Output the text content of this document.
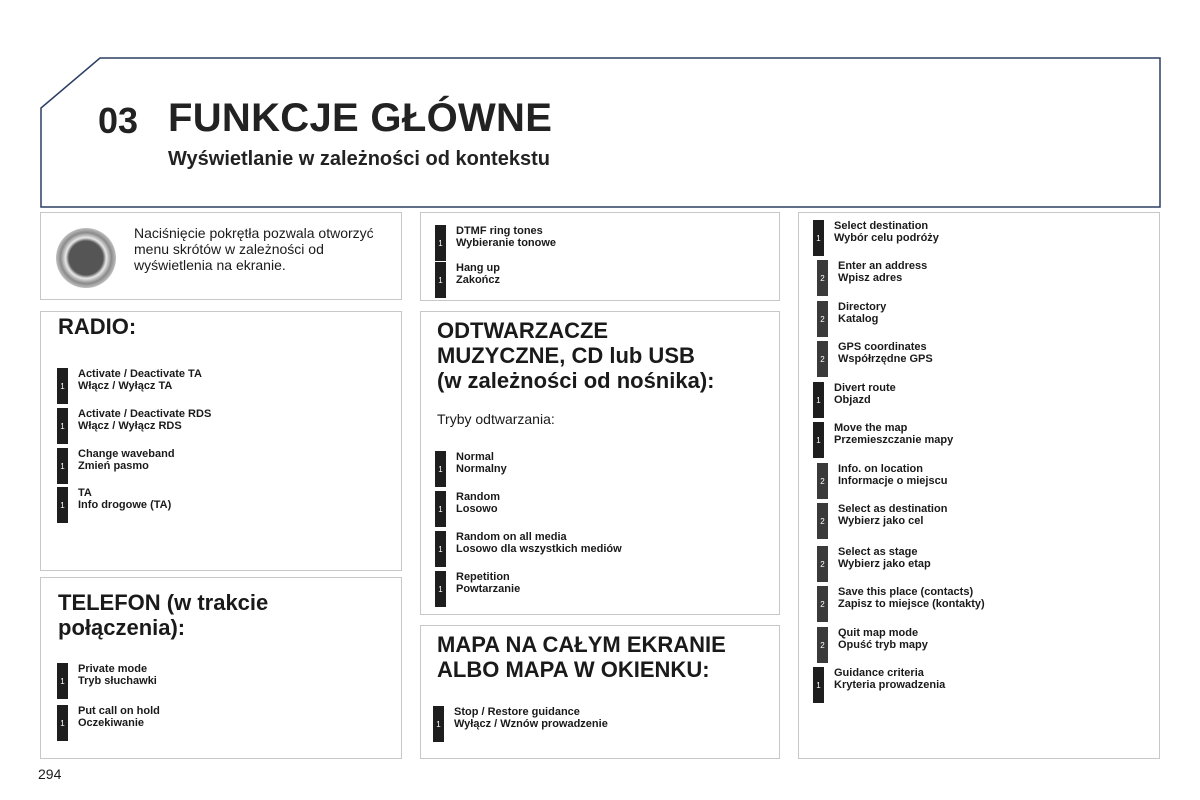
03 FUNKCJE GŁÓWNE
Wyświetlanie w zależności od kontekstu
Naciśnięcie pokrętła pozwala otworzyć menu skrótów w zależności od wyświetlenia na ekranie.
RADIO:
1
Activate / Deactivate TA
Włącz / Wyłącz TA
1
Activate / Deactivate RDS
Włącz / Wyłącz RDS
1
Change waveband
Zmień pasmo
1
TA
Info drogowe (TA)
TELEFON (w trakcie
połączenia):
1
Private mode
Tryb słuchawki
1
Put call on hold
Oczekiwanie
1
DTMF ring tones
Wybieranie tonowe
1
Hang up
Zakończ
ODTWARZACZE
MUZYCZNE, CD lub USB
(w zależności od nośnika):
Tryby odtwarzania:
1
Normal
Normalny
1
Random
Losowo
1
Random on all media
Losowo dla wszystkich mediów
1
Repetition
Powtarzanie
MAPA NA CAŁYM EKRANIE
ALBO MAPA W OKIENKU:
1
Stop / Restore guidance
Wyłącz / Wznów prowadzenie
1
Select destination
Wybór celu podróży
2
Enter an address
Wpisz adres
2
Directory
Katalog
2
GPS coordinates
Współrzędne GPS
1
Divert route
Objazd
1
Move the map
Przemieszczanie mapy
2
Info. on location
Informacje o miejscu
2
Select as destination
Wybierz jako cel
2
Select as stage
Wybierz jako etap
2
Save this place (contacts)
Zapisz to miejsce (kontakty)
2
Quit map mode
Opuść tryb mapy
1
Guidance criteria
Kryteria prowadzenia
294
